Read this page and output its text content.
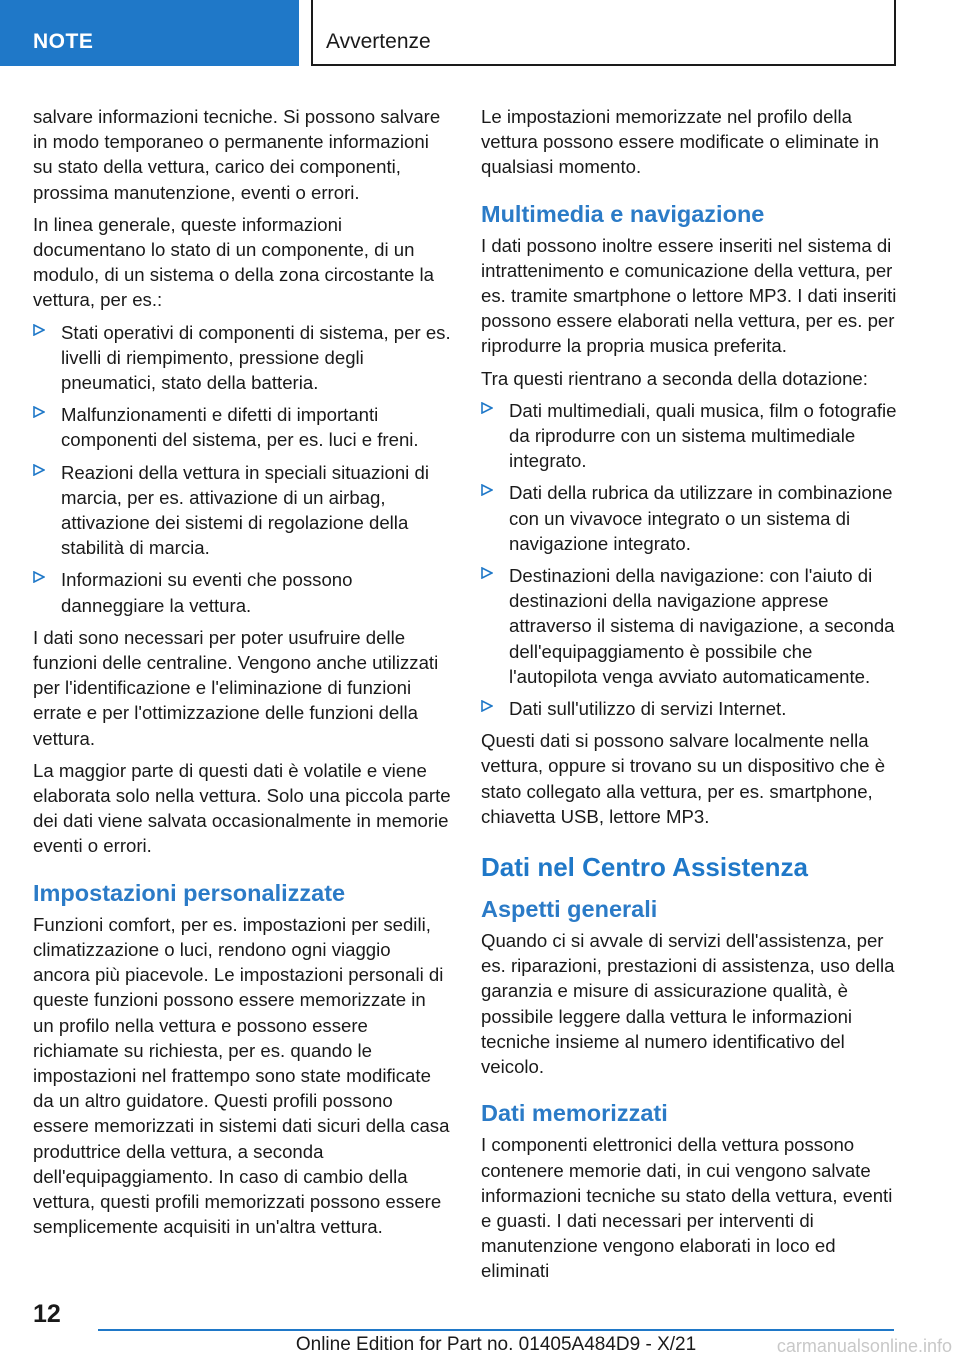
NOTE	Avvertenze

salvare informazioni tecniche. Si possono salvare in modo temporaneo o permanente informazioni su stato della vettura, carico dei componenti, prossima manutenzione, eventi o errori.

In linea generale, queste informazioni documentano lo stato di un componente, di un modulo, di un sistema o della zona circostante la vettura, per es.:

Stati operativi di componenti di sistema, per es. livelli di riempimento, pressione degli pneumatici, stato della batteria.
Malfunzionamenti e difetti di importanti componenti del sistema, per es. luci e freni.
Reazioni della vettura in speciali situazioni di marcia, per es. attivazione di un airbag, attivazione dei sistemi di regolazione della stabilità di marcia.
Informazioni su eventi che possono danneggiare la vettura.

I dati sono necessari per poter usufruire delle funzioni delle centraline. Vengono anche utilizzati per l'identificazione e l'eliminazione di funzioni errate e per l'ottimizzazione delle funzioni della vettura.

La maggior parte di questi dati è volatile e viene elaborata solo nella vettura. Solo una piccola parte dei dati viene salvata occasionalmente in memorie eventi o errori.

Impostazioni personalizzate

Funzioni comfort, per es. impostazioni per sedili, climatizzazione o luci, rendono ogni viaggio ancora più piacevole. Le impostazioni personali di queste funzioni possono essere memorizzate in un profilo nella vettura e possono essere richiamate su richiesta, per es. quando le impostazioni nel frattempo sono state modificate da un altro guidatore. Questi profili possono essere memorizzati in sistemi dati sicuri della casa produttrice della vettura, a seconda dell'equipaggiamento. In caso di cambio della vettura, questi profili memorizzati possono essere semplicemente acquisiti in un'altra vettura.

Le impostazioni memorizzate nel profilo della vettura possono essere modificate o eliminate in qualsiasi momento.

Multimedia e navigazione

I dati possono inoltre essere inseriti nel sistema di intrattenimento e comunicazione della vettura, per es. tramite smartphone o lettore MP3. I dati inseriti possono essere elaborati nella vettura, per es. per riprodurre la propria musica preferita.

Tra questi rientrano a seconda della dotazione:

Dati multimediali, quali musica, film o fotografie da riprodurre con un sistema multimediale integrato.
Dati della rubrica da utilizzare in combinazione con un vivavoce integrato o un sistema di navigazione integrato.
Destinazioni della navigazione: con l'aiuto di destinazioni della navigazione apprese attraverso il sistema di navigazione, a seconda dell'equipaggiamento è possibile che l'autopilota venga avviato automaticamente.
Dati sull'utilizzo di servizi Internet.

Questi dati si possono salvare localmente nella vettura, oppure si trovano su un dispositivo che è stato collegato alla vettura, per es. smartphone, chiavetta USB, lettore MP3.

Dati nel Centro Assistenza
Aspetti generali

Quando ci si avvale di servizi dell'assistenza, per es. riparazioni, prestazioni di assistenza, uso della garanzia e misure di assicurazione qualità, è possibile leggere dalla vettura le informazioni tecniche insieme al numero identificativo del veicolo.

Dati memorizzati

I componenti elettronici della vettura possono contenere memorie dati, in cui vengono salvate informazioni tecniche su stato della vettura, eventi e guasti. I dati necessari per interventi di manutenzione vengono elaborati in loco ed eliminati

12
Online Edition for Part no. 01405A484D9 - X/21	carmanualsonline.info
